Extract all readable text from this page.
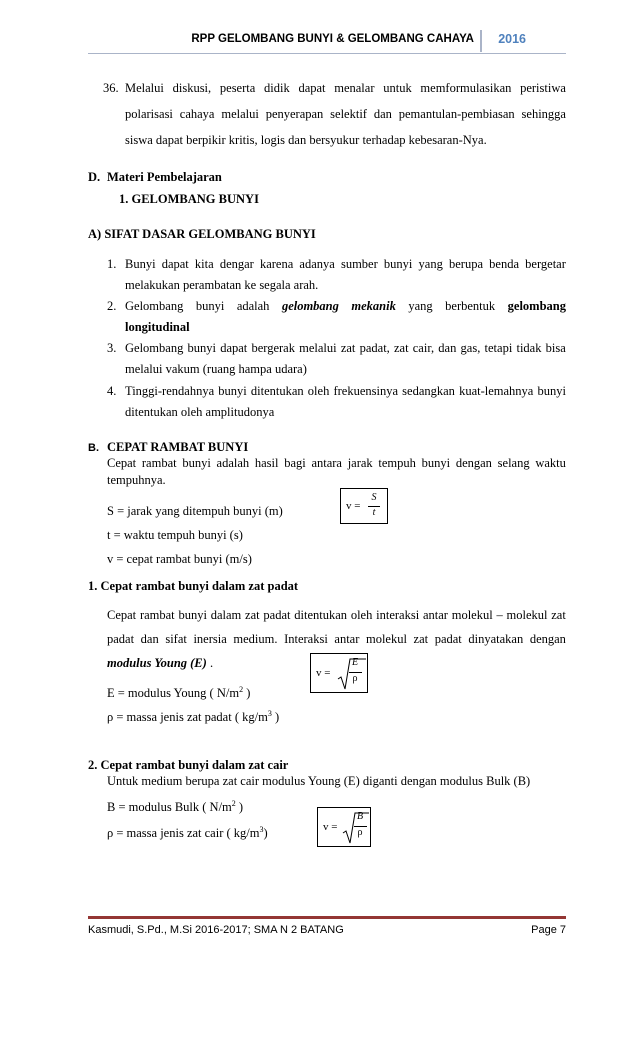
RPP GELOMBANG BUNYI & GELOMBANG CAHAYA 2016
36. Melalui diskusi, peserta didik dapat menalar untuk memformulasikan peristiwa
polarisasi cahaya melalui penyerapan selektif dan pemantulan-pembiasan sehingga
siswa dapat berpikir kritis, logis dan bersyukur terhadap kebesaran-Nya.
D. Materi Pembelajaran
1. GELOMBANG BUNYI
A) SIFAT DASAR GELOMBANG BUNYI
1. Bunyi dapat kita dengar karena adanya sumber bunyi yang berupa benda bergetar
melakukan perambatan ke segala arah.
2. Gelombang bunyi adalah gelombang mekanik yang berbentuk gelombang
longitudinal
3. Gelombang bunyi dapat bergerak melalui zat padat, zat cair, dan gas, tetapi tidak bisa
melalui vakum (ruang hampa udara)
4. Tinggi-rendahnya bunyi ditentukan oleh frekuensinya sedangkan kuat-lemahnya bunyi
ditentukan oleh amplitudonya
B. CEPAT RAMBAT BUNYI
Cepat rambat bunyi adalah hasil bagi antara jarak tempuh bunyi dengan selang waktu
tempuhnya.
S = jarak yang ditempuh bunyi (m)
t = waktu tempuh bunyi (s)
v = cepat rambat bunyi (m/s)
v =
S
t
1. Cepat rambat bunyi dalam zat padat
Cepat rambat bunyi dalam zat padat ditentukan oleh interaksi antar molekul – molekul zat
padat dan sifat inersia medium. Interaksi antar molekul zat padat dinyatakan dengan
modulus Young (E) .
E = modulus Young ( $N/m^2$ )
ρ = massa jenis zat padat ( $kg/m^3$ )
v =
E
ρ
2. Cepat rambat bunyi dalam zat cair
Untuk medium berupa zat cair modulus Young (E) diganti dengan modulus Bulk (B)
B = modulus Bulk ( $N/m^2$ )
ρ = massa jenis zat cair ( $kg/m^3$)	v =
B
ρ
Kasmudi, S.Pd., M.Si 2016-2017; SMA N 2 BATANG	Page 7
